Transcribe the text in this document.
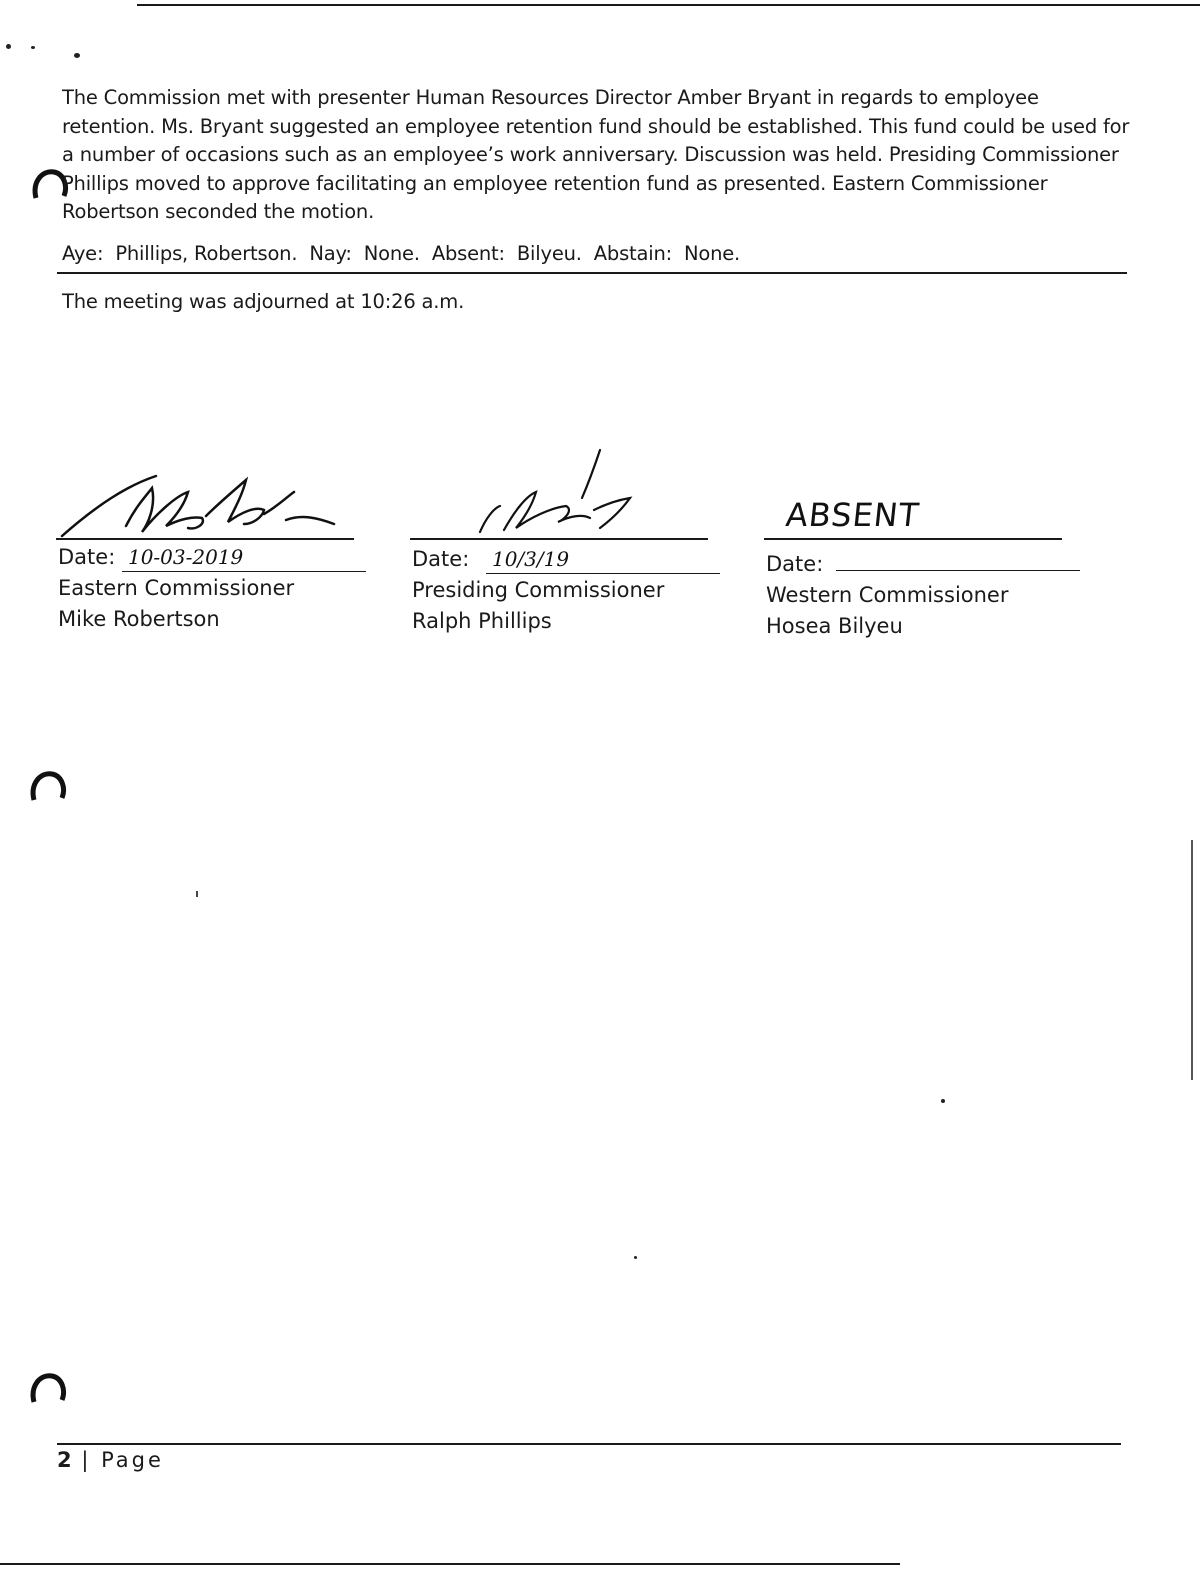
The Commission met with presenter Human Resources Director Amber Bryant in regards to employee retention. Ms. Bryant suggested an employee retention fund should be established. This fund could be used for a number of occasions such as an employee’s work anniversary. Discussion was held. Presiding Commissioner Phillips moved to approve facilitating an employee retention fund as presented. Eastern Commissioner Robertson seconded the motion.

Aye:  Phillips, Robertson.  Nay:  None.  Absent:  Bilyeu.  Abstain:  None.
The meeting was adjourned at 10:26 a.m.
Date: 10-03-2019
Eastern Commissioner
Mike Robertson
Date: 10/3/19
Presiding Commissioner
Ralph Phillips
ABSENT
Date:
Western Commissioner
Hosea Bilyeu
2 | Page
